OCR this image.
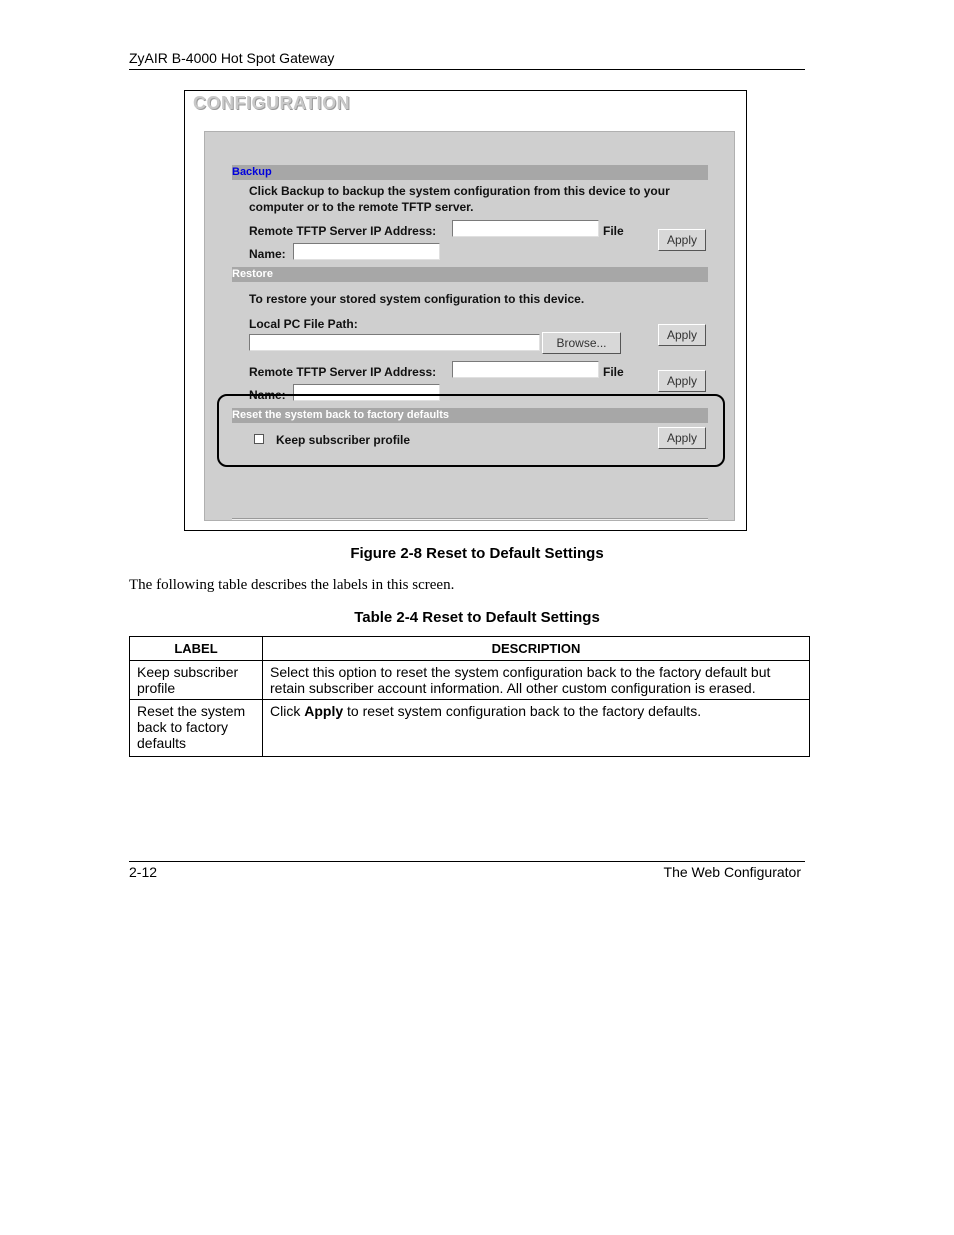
ZyAIR B-4000 Hot Spot Gateway
CONFIGURATION
Backup
Click Backup to backup the system configuration from this device to your
computer or to the remote TFTP server.
Remote TFTP Server IP Address:	File
Name:
Apply
Restore
To restore your stored system configuration to this device.
Local PC File Path:
Browse...
Apply
Remote TFTP Server IP Address:	File
Name:
Apply
Reset the system back to factory defaults
Keep subscriber profile	Apply
Figure 2-8 Reset to Default Settings
The following table describes the labels in this screen.
Table 2-4 Reset to Default Settings
LABEL	DESCRIPTION
Keep subscriber profile	Select this option to reset the system configuration back to the factory default but retain subscriber account information. All other custom configuration is erased.
Reset the system back to factory defaults	Click Apply to reset system configuration back to the factory defaults.
2-12	The Web Configurator
